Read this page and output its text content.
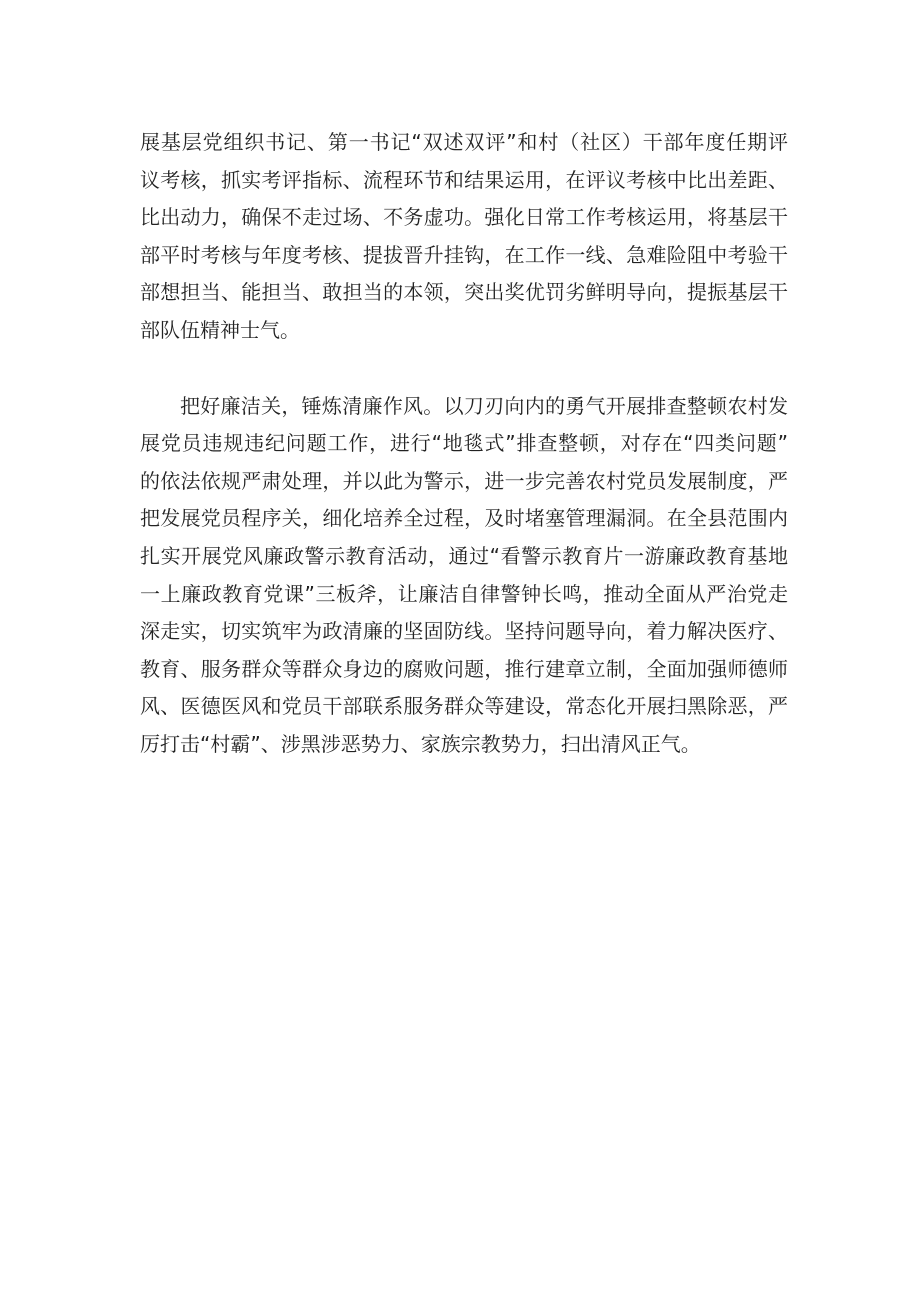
展基层党组织书记、第一书记“双述双评”和村（社区）干部年度任期评
议考核，抓实考评指标、流程环节和结果运用，在评议考核中比出差距、
比出动力，确保不走过场、不务虚功。强化日常工作考核运用，将基层干
部平时考核与年度考核、提拔晋升挂钩，在工作一线、急难险阻中考验干
部想担当、能担当、敢担当的本领，突出奖优罚劣鲜明导向，提振基层干
部队伍精神士气。
把好廉洁关，锤炼清廉作风。以刀刃向内的勇气开展排查整顿农村发
展党员违规违纪问题工作，进行“地毯式”排查整顿，对存在“四类问题”
的依法依规严肃处理，并以此为警示，进一步完善农村党员发展制度，严
把发展党员程序关，细化培养全过程，及时堵塞管理漏洞。在全县范围内
扎实开展党风廉政警示教育活动，通过“看警示教育片一游廉政教育基地
一上廉政教育党课”三板斧，让廉洁自律警钟长鸣，推动全面从严治党走
深走实，切实筑牢为政清廉的坚固防线。坚持问题导向，着力解决医疗、
教育、服务群众等群众身边的腐败问题，推行建章立制，全面加强师德师
风、医德医风和党员干部联系服务群众等建设，常态化开展扫黑除恶，严
厉打击“村霸”、涉黑涉恶势力、家族宗教势力，扫出清风正气。
